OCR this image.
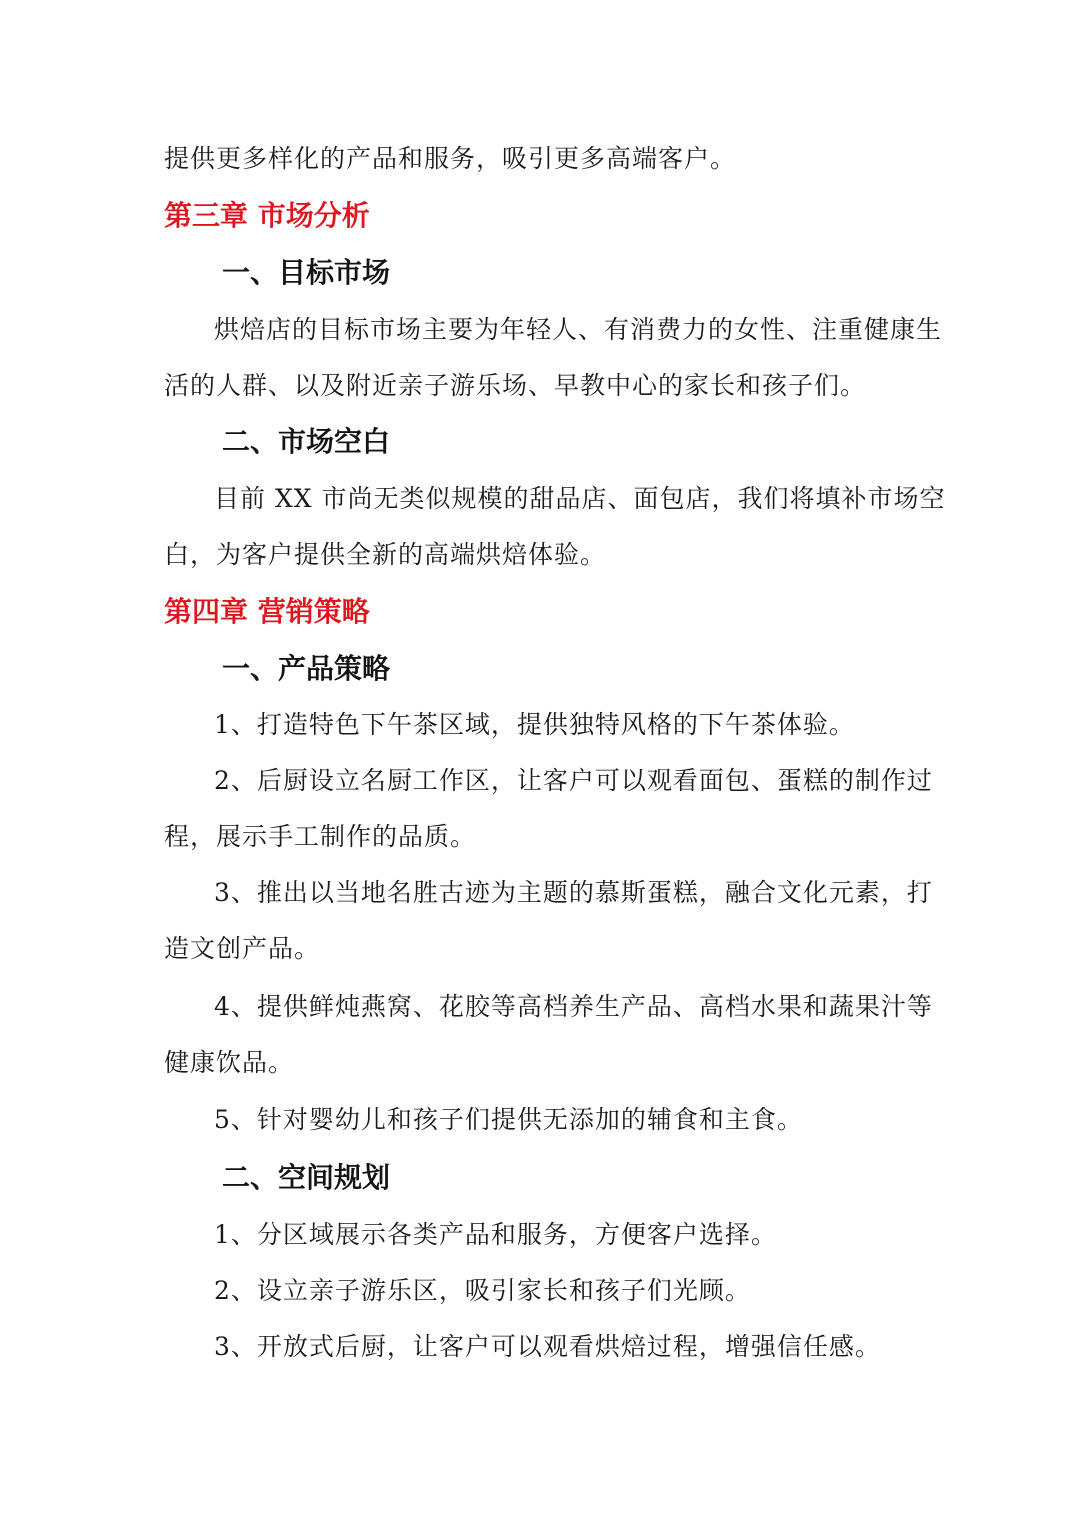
提供更多样化的产品和服务，吸引更多高端客户。
第三章 市场分析
一、目标市场
烘焙店的目标市场主要为年轻人、有消费力的女性、注重健康生
活的人群、以及附近亲子游乐场、早教中心的家长和孩子们。
二、市场空白
目前 XX 市尚无类似规模的甜品店、面包店，我们将填补市场空
白，为客户提供全新的高端烘焙体验。
第四章 营销策略
一、产品策略
1、打造特色下午茶区域，提供独特风格的下午茶体验。
2、后厨设立名厨工作区，让客户可以观看面包、蛋糕的制作过
程，展示手工制作的品质。
3、推出以当地名胜古迹为主题的慕斯蛋糕，融合文化元素，打
造文创产品。
4、提供鲜炖燕窝、花胶等高档养生产品、高档水果和蔬果汁等
健康饮品。
5、针对婴幼儿和孩子们提供无添加的辅食和主食。
二、空间规划
1、分区域展示各类产品和服务，方便客户选择。
2、设立亲子游乐区，吸引家长和孩子们光顾。
3、开放式后厨，让客户可以观看烘焙过程，增强信任感。
